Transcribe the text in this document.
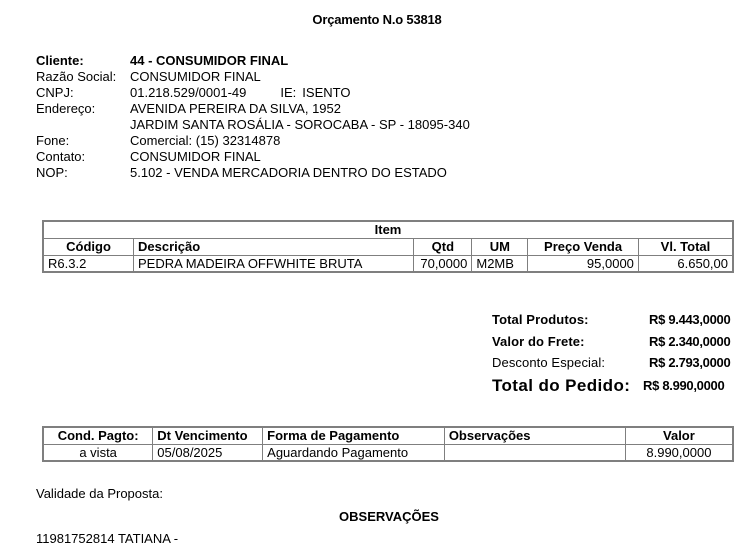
Orçamento N.o 53818
Cliente:	44 - CONSUMIDOR FINAL
Razão Social:	CONSUMIDOR FINAL
CNPJ:	01.218.529/0001-49	IE: ISENTO
Endereço:	AVENIDA PEREIRA DA SILVA, 1952
JARDIM SANTA ROSÁLIA - SOROCABA - SP - 18095-340
Fone:	Comercial: (15) 32314878
Contato:	CONSUMIDOR FINAL
NOP:	5.102 - VENDA MERCADORIA DENTRO DO ESTADO
Item					
Código	Descrição	Qtd	UM	Preço Venda	Vl. Total
R6.3.2	PEDRA MADEIRA OFFWHITE BRUTA	70,0000	M2MB	95,0000	6.650,00
Total Produtos:	R$ 9.443,0000
Valor do Frete:	R$ 2.340,0000
Desconto Especial:	R$ 2.793,0000
Total do Pedido: R$ 8.990,0000
Cond. Pagto:	Dt Vencimento	Forma de Pagamento	Observações	Valor
a vista	05/08/2025	Aguardando Pagamento		8.990,0000
Validade da Proposta:
OBSERVAÇÕES
11981752814 TATIANA -
